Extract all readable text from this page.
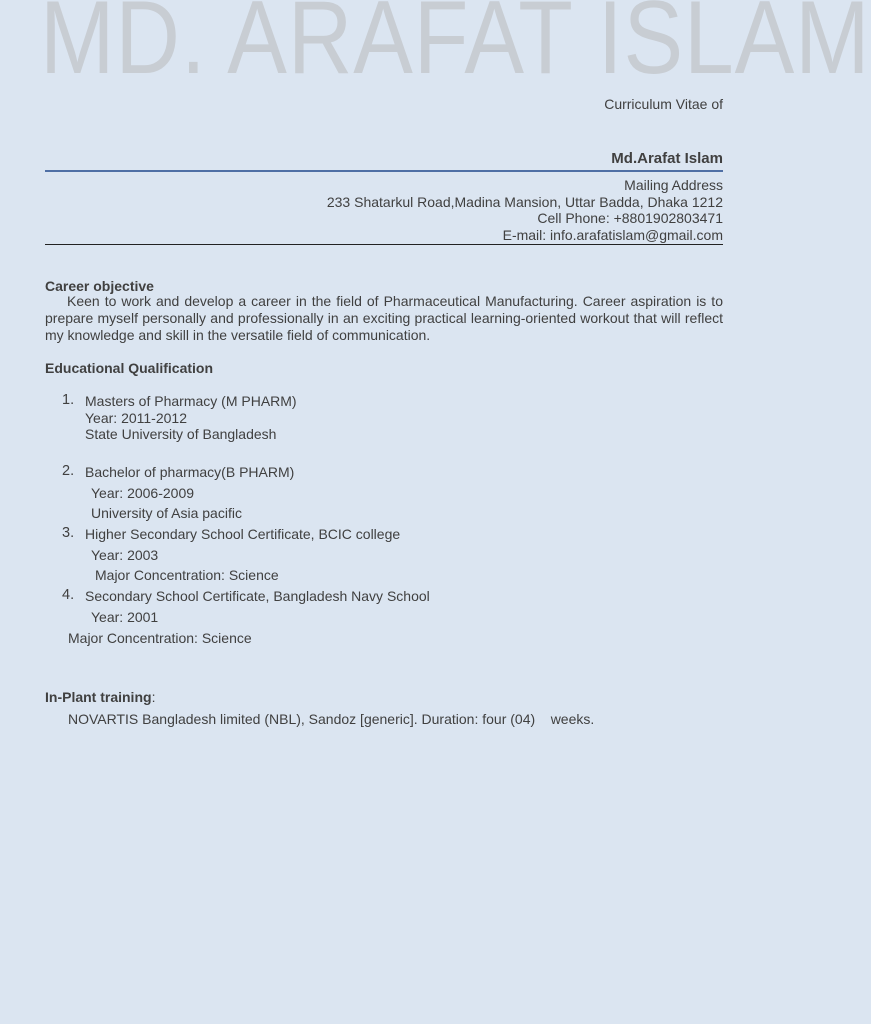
MD. ARAFAT ISLAM
Curriculum Vitae of
Md.Arafat Islam
Mailing Address
233 Shatarkul Road,Madina Mansion, Uttar Badda, Dhaka 1212
Cell Phone: +8801902803471
E-mail: info.arafatislam@gmail.com
Career objective
Keen to work and develop a career in the field of Pharmaceutical Manufacturing. Career aspiration is to prepare myself personally and professionally in an exciting practical learning-oriented workout that will reflect my knowledge and skill in the versatile field of communication.
Educational Qualification
1. Masters of Pharmacy (M PHARM)
Year: 2011-2012
State University of Bangladesh
2. Bachelor of pharmacy(B PHARM)
Year: 2006-2009
University of Asia pacific
3. Higher Secondary School Certificate, BCIC college
Year: 2003
Major Concentration: Science
4. Secondary School Certificate, Bangladesh Navy School
Year: 2001
Major Concentration: Science
In-Plant training:
NOVARTIS Bangladesh limited (NBL), Sandoz [generic]. Duration: four (04)    weeks.
